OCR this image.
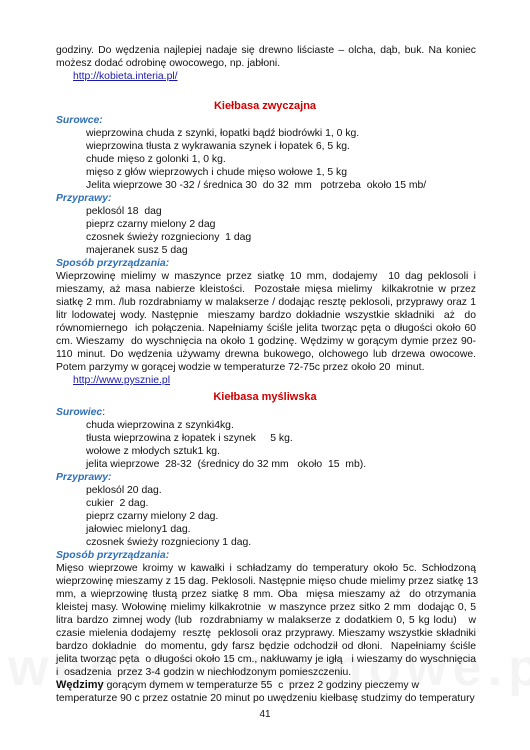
godziny. Do wędzenia najlepiej nadaje się drewno liściaste – olcha, dąb, buk. Na koniec
możesz dodać odrobinę owocowego, np. jabłoni.
http://kobieta.interia.pl/
Kiełbasa zwyczajna
Surowce:
wieprzowina chuda z szynki, łopatki bądź biodrówki 1, 0 kg.
wieprzowina tłusta z wykrawania szynek i łopatek 6, 5 kg.
chude mięso z golonki 1, 0 kg.
mięso z głów wieprzowych i chude mięso wołowe 1, 5 kg
Jelita wieprzowe 30 -32 / średnica 30  do 32  mm   potrzeba  około 15 mb/
Przyprawy:
peklosól 18  dag
pieprz czarny mielony 2 dag
czosnek świeży rozgnieciony  1 dag
majeranek susz 5 dag
Sposób przyrządzania:
Wieprzowinę mielimy w maszynce przez siatkę 10 mm, dodajemy  10 dag peklosoli i
mieszamy, aż masa nabierze kleistości.  Pozostałe mięsa mielimy  kilkakrotnie w przez
siatkę 2 mm. /lub rozdrabniamy w malakserze / dodając resztę peklosoli, przyprawy oraz 1
litr lodowatej wody. Następnie  mieszamy bardzo dokładnie wszystkie składniki  aż  do
równomiernego  ich połączenia. Napełniamy ściśle jelita tworząc pęta o długości około 60
cm. Wieszamy  do wyschnięcia na około 1 godzinę. Wędzimy w gorącym dymie przez 90-
110 minut. Do wędzenia używamy drewna bukowego, olchowego lub drzewa owocowe.
Potem parzymy w gorącej wodzie w temperaturze 72-75c przez około 20  minut.
http://www.pysznie.pl
Kiełbasa myśliwska
Surowiec:
chuda wieprzowina z szynki4kg.
tłusta wieprzowina z łopatek i szynek     5 kg.
wołowe z młodych sztuk1 kg.
jelita wieprzowe  28-32  (średnicy do 32 mm   około  15  mb).
Przyprawy:
peklosól 20 dag.
cukier  2 dag.
pieprz czarny mielony 2 dag.
jałowiec mielony1 dag.
czosnek świeży rozgnieciony 1 dag.
Sposób przyrządzania:
Mięso wieprzowe kroimy w kawałki i schładzamy do temperatury około 5c. Schłodzoną
wieprzowinę mieszamy z 15 dag. Peklosoli. Następnie mięso chude mielimy przez siatkę 13
mm, a wieprzowinę tłustą przez siatkę 8 mm. Oba  mięsa mieszamy aż  do otrzymania
kleistej masy. Wołowinę mielimy kilkakrotnie  w maszynce przez sitko 2 mm  dodając 0, 5
litra bardzo zimnej wody (lub  rozdrabniamy w malakserze z dodatkiem 0, 5 kg lodu)   w
czasie mielenia dodajemy  resztę  peklosoli oraz przyprawy. Mieszamy wszystkie składniki
bardzo dokładnie  do momentu, gdy farsz będzie odchodził od dłoni.  Napełniamy ściśle
jelita tworząc pęta  o długości około 15 cm., nakłuwamy je igłą   i wieszamy do wyschnięcia
i  osadzenia  przez 3-4 godzin w niechłodzonym pomieszczeniu.
Wędzimy gorącym dymem w temperaturze 55  c  przez 2 godziny pieczemy w
temperaturze 90 c przez ostatnie 20 minut po uwędzeniu kiełbasę studzimy do temperatury
41
